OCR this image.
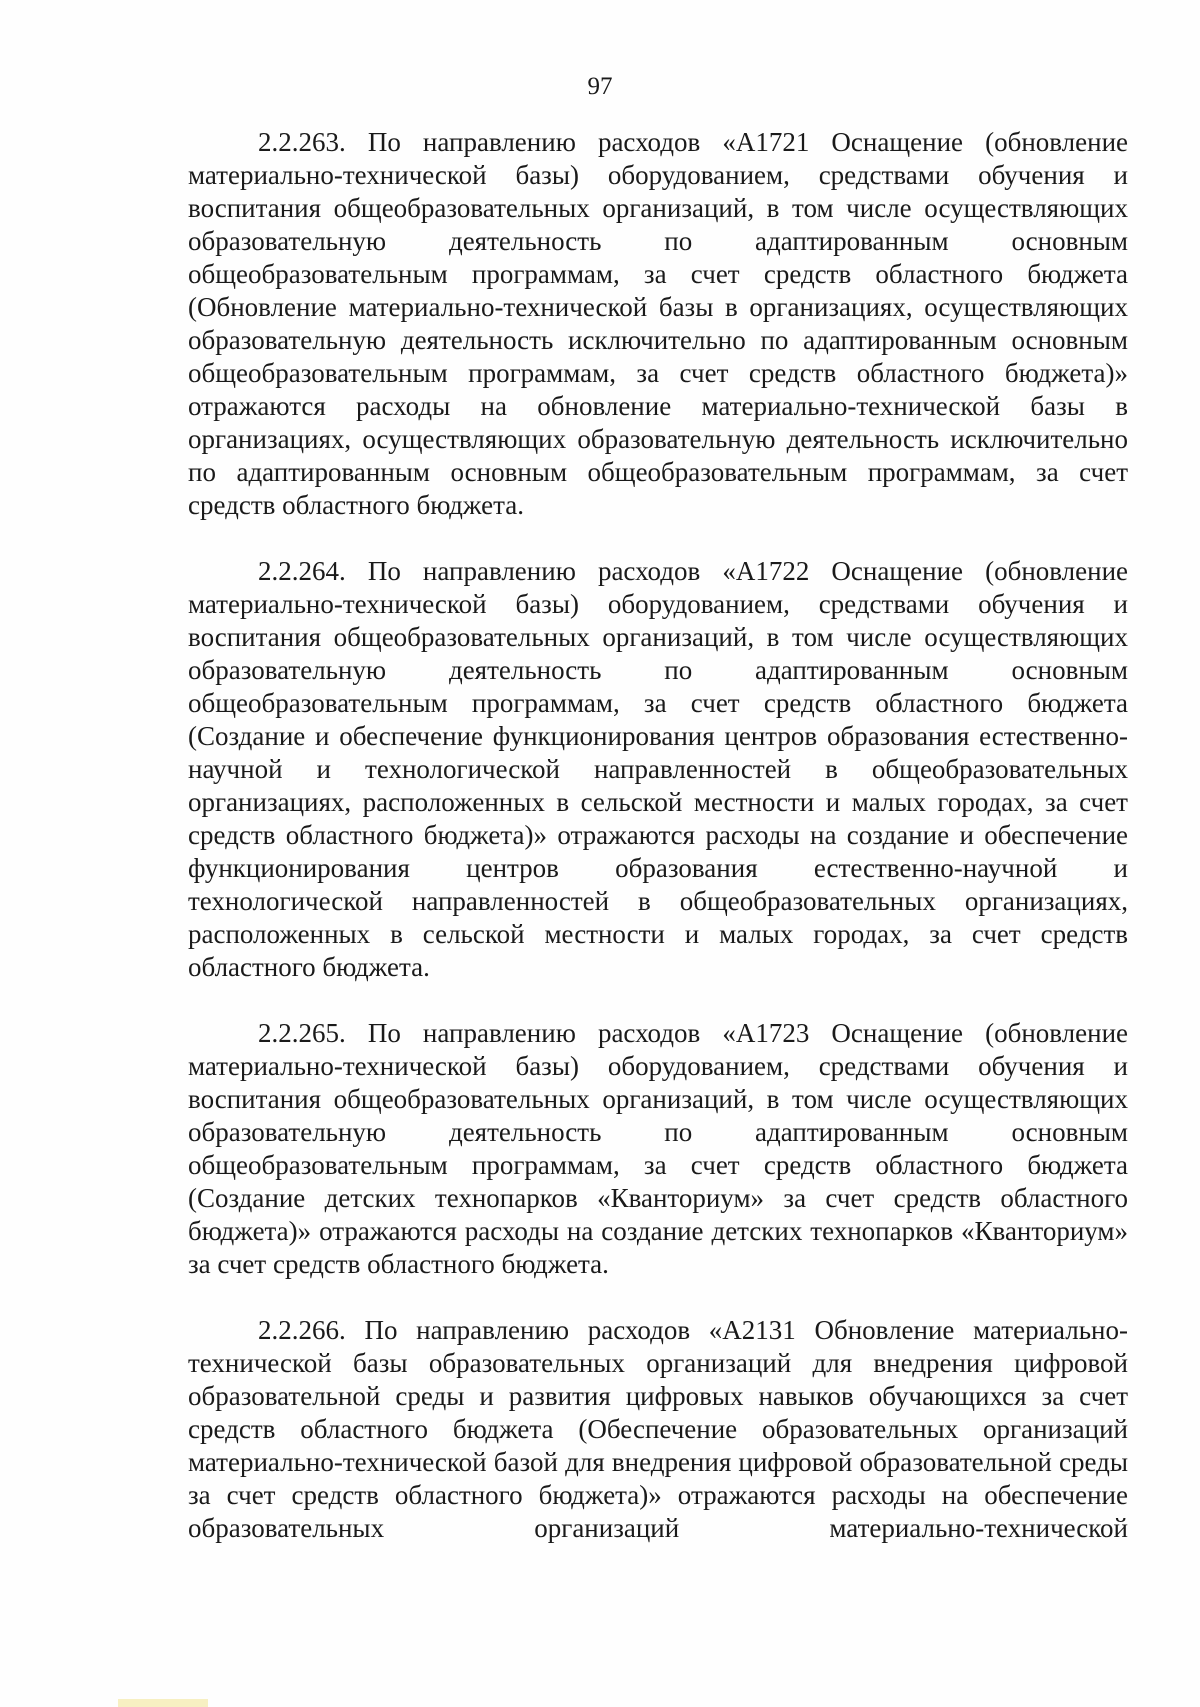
97

2.2.263. По направлению расходов «А1721 Оснащение (обновление материально-технической базы) оборудованием, средствами обучения и воспитания общеобразовательных организаций, в том числе осуществляющих образовательную деятельность по адаптированным основным общеобразовательным программам, за счет средств областного бюджета (Обновление материально-технической базы в организациях, осуществляющих образовательную деятельность исключительно по адаптированным основным общеобразовательным программам, за счет средств областного бюджета)» отражаются расходы на обновление материально-технической базы в организациях, осуществляющих образовательную деятельность исключительно по адаптированным основным общеобразовательным программам, за счет средств областного бюджета.

2.2.264. По направлению расходов «А1722 Оснащение (обновление материально-технической базы) оборудованием, средствами обучения и воспитания общеобразовательных организаций, в том числе осуществляющих образовательную деятельность по адаптированным основным общеобразовательным программам, за счет средств областного бюджета (Создание и обеспечение функционирования центров образования естественно-научной и технологической направленностей в общеобразовательных организациях, расположенных в сельской местности и малых городах, за счет средств областного бюджета)» отражаются расходы на создание и обеспечение функционирования центров образования естественно-научной и технологической направленностей в общеобразовательных организациях, расположенных в сельской местности и малых городах, за счет средств областного бюджета.

2.2.265. По направлению расходов «А1723 Оснащение (обновление материально-технической базы) оборудованием, средствами обучения и воспитания общеобразовательных организаций, в том числе осуществляющих образовательную деятельность по адаптированным основным общеобразовательным программам, за счет средств областного бюджета (Создание детских технопарков «Кванториум» за счет средств областного бюджета)» отражаются расходы на создание детских технопарков «Кванториум» за счет средств областного бюджета.

2.2.266. По направлению расходов «А2131 Обновление материально-технической базы образовательных организаций для внедрения цифровой образовательной среды и развития цифровых навыков обучающихся за счет средств областного бюджета (Обеспечение образовательных организаций материально-технической базой для внедрения цифровой образовательной среды за счет средств областного бюджета)» отражаются расходы на обеспечение образовательных организаций материально-технической
